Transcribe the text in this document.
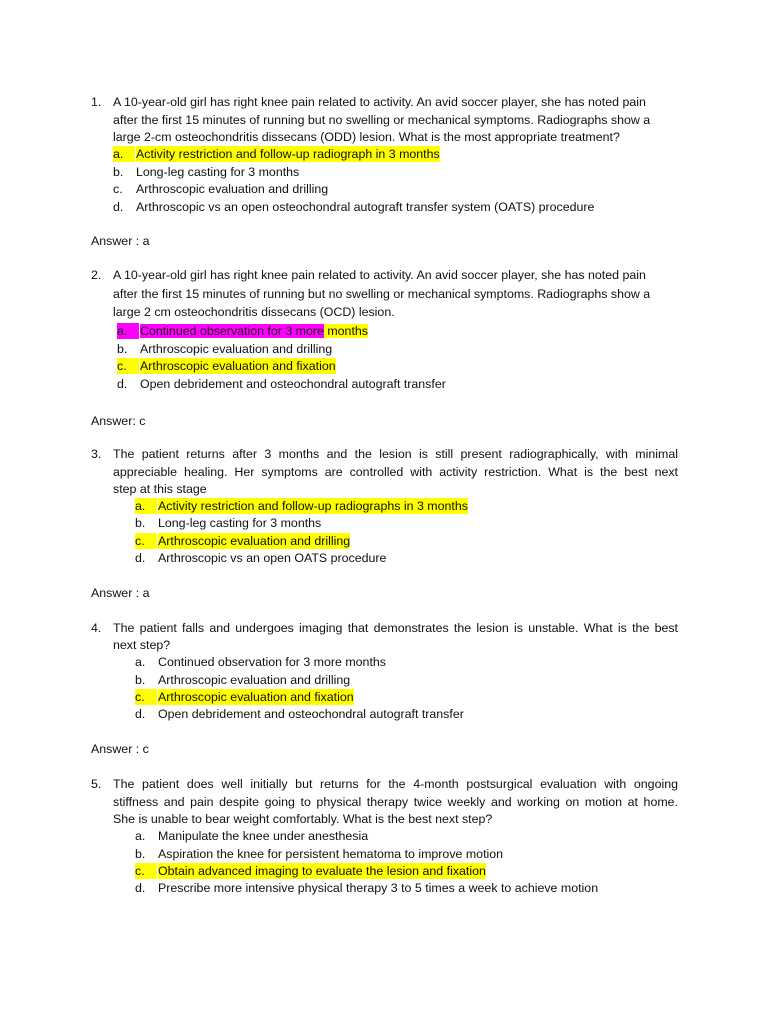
1. A 10-year-old girl has right knee pain related to activity. An avid soccer player, she has noted pain
after the first 15 minutes of running but no swelling or mechanical symptoms. Radiographs show a
large 2-cm osteochondritis dissecans (ODD) lesion. What is the most appropriate treatment?
a.	Activity restriction and follow-up radiograph in 3 months
b. Long-leg casting for 3 months
c. Arthroscopic evaluation and drilling
d. Arthroscopic vs an open osteochondral autograft transfer system (OATS) procedure
Answer : a
2. A 10-year-old girl has right knee pain related to activity. An avid soccer player, she has noted pain
after the first 15 minutes of running but no swelling or mechanical symptoms. Radiographs show a
large 2 cm osteochondritis dissecans (OCD) lesion.
a.	Continued observation for 3 more months
b. Arthroscopic evaluation and drilling
c.	Arthroscopic evaluation and fixation
d. Open debridement and osteochondral autograft transfer
Answer: c
3. The patient returns after 3 months and the lesion is still present radiographically, with minimal
appreciable healing. Her symptoms are controlled with activity restriction. What is the best next
step at this stage
a.	Activity restriction and follow-up radiographs in 3 months
b. Long-leg casting for 3 months
c.	Arthroscopic evaluation and drilling
d. Arthroscopic vs an open OATS procedure
Answer : a
4. The patient falls and undergoes imaging that demonstrates the lesion is unstable. What is the best
next step?
a. Continued observation for 3 more months
b. Arthroscopic evaluation and drilling
c.	Arthroscopic evaluation and fixation
d. Open debridement and osteochondral autograft transfer
Answer : c
5. The patient does well initially but returns for the 4-month postsurgical evaluation with ongoing
stiffness and pain despite going to physical therapy twice weekly and working on motion at home.
She is unable to bear weight comfortably. What is the best next step?
a. Manipulate the knee under anesthesia
b. Aspiration the knee for persistent hematoma to improve motion
c.	Obtain advanced imaging to evaluate the lesion and fixation
d. Prescribe more intensive physical therapy 3 to 5 times a week to achieve motion
